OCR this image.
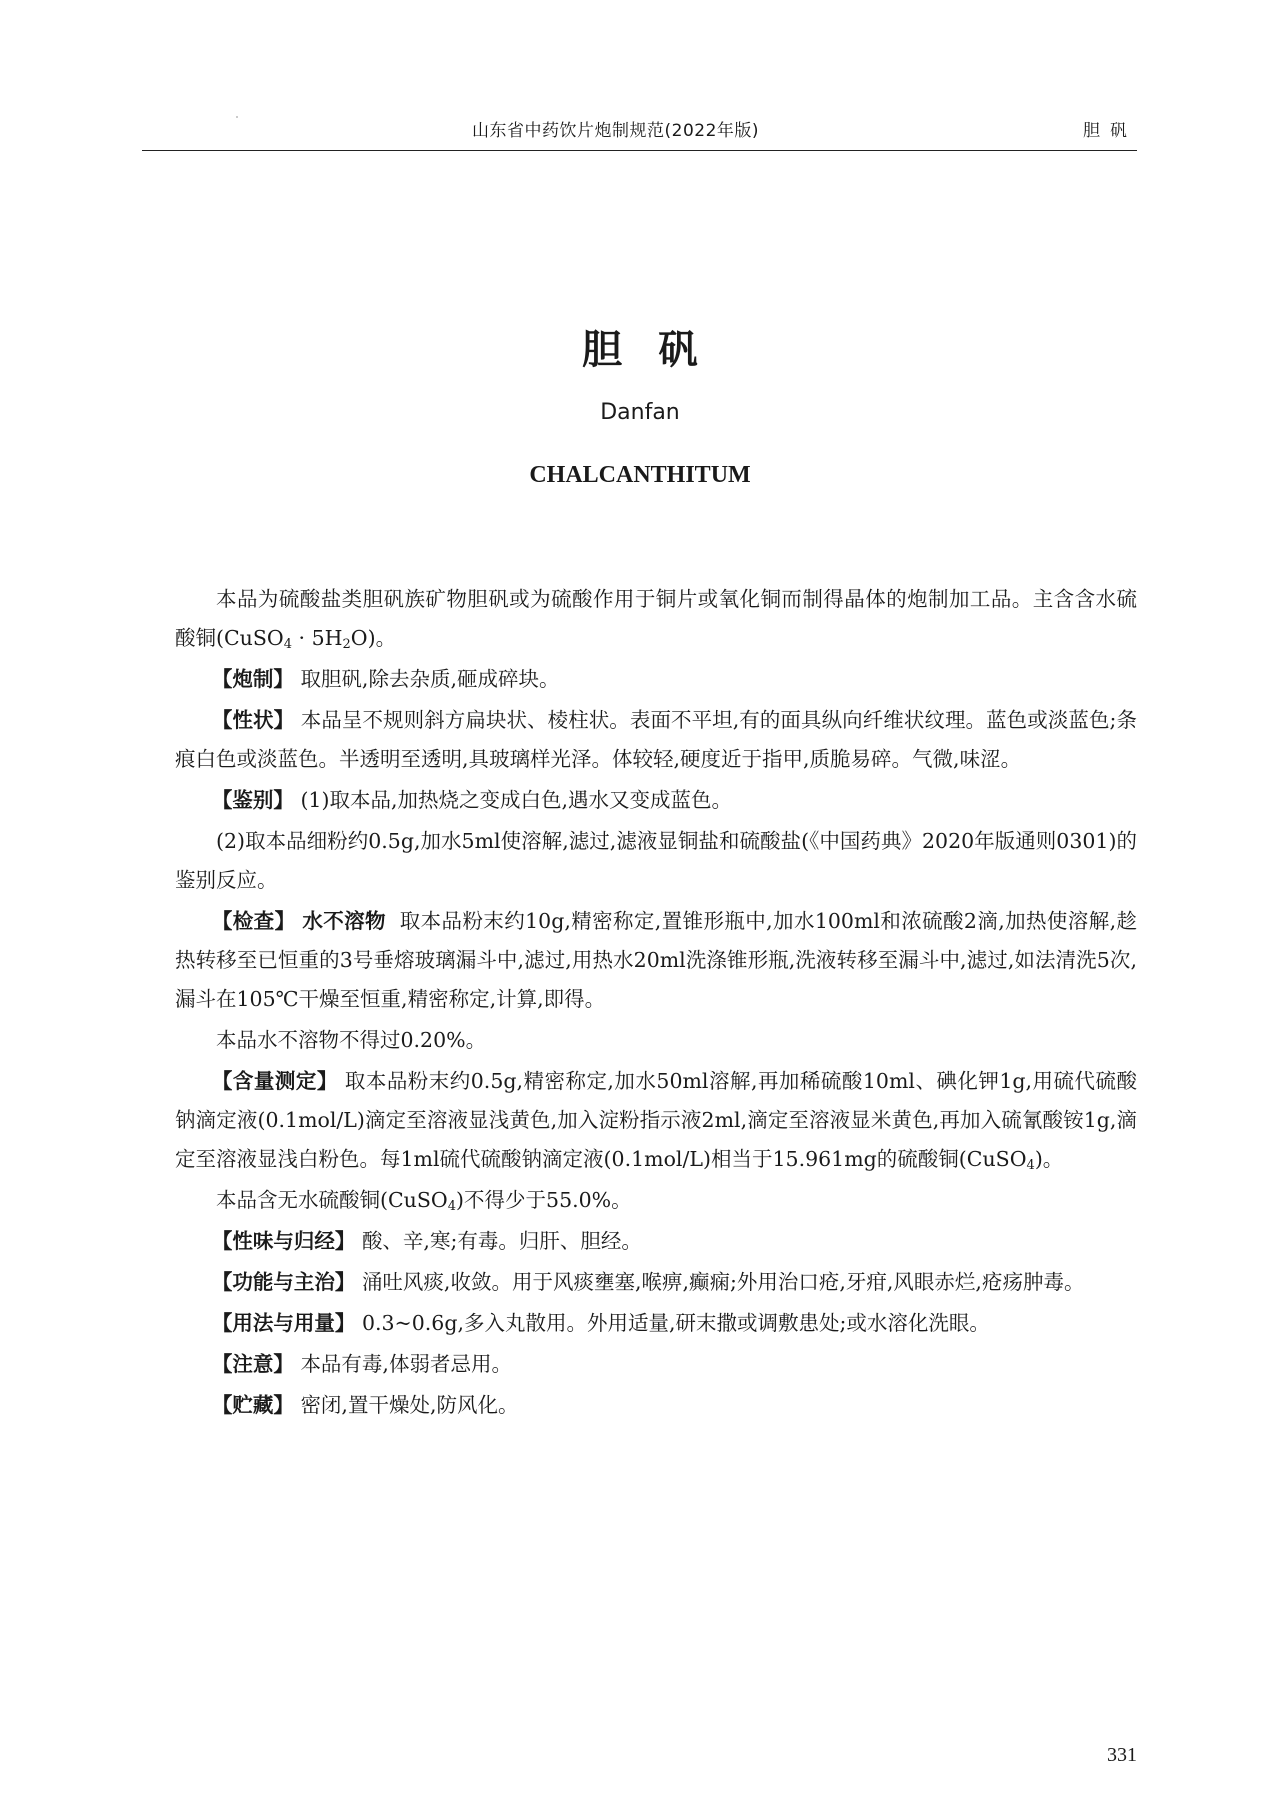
山东省中药饮片炮制规范(2022年版)	胆矾
胆矾
Danfan
CHALCANTHITUM

本品为硫酸盐类胆矾族矿物胆矾或为硫酸作用于铜片或氧化铜而制得晶体的炮制加工品。主含含水硫酸铜(CuSO$_4$ · $5H_2O$)。

【炮制】 取胆矾,除去杂质,砸成碎块。

【性状】 本品呈不规则斜方扁块状、棱柱状。表面不平坦,有的面具纵向纤维状纹理。蓝色或淡蓝色;条痕白色或淡蓝色。半透明至透明,具玻璃样光泽。体较轻,硬度近于指甲,质脆易碎。气微,味涩。

【鉴别】 (1)取本品,加热烧之变成白色,遇水又变成蓝色。

(2)取本品细粉约0.5g,加水5ml使溶解,滤过,滤液显铜盐和硫酸盐(《中国药典》2020年版通则0301)的鉴别反应。

【检查】 水不溶物 取本品粉末约10g,精密称定,置锥形瓶中,加水100ml和浓硫酸2滴,加热使溶解,趁热转移至已恒重的3号垂熔玻璃漏斗中,滤过,用热水20ml洗涤锥形瓶,洗液转移至漏斗中,滤过,如法清洗5次,漏斗在105℃干燥至恒重,精密称定,计算,即得。

本品水不溶物不得过0.20%。

【含量测定】 取本品粉末约0.5g,精密称定,加水50ml溶解,再加稀硫酸10ml、碘化钾1g,用硫代硫酸钠滴定液(0.1mol/L)滴定至溶液显浅黄色,加入淀粉指示液2ml,滴定至溶液显米黄色,再加入硫氰酸铵1g,滴定至溶液显浅白粉色。每1ml硫代硫酸钠滴定液(0.1mol/L)相当于15.961mg的硫酸铜(CuSO$_4$)。

本品含无水硫酸铜(CuSO$_4$)不得少于55.0%。

【性味与归经】 酸、辛,寒;有毒。归肝、胆经。

【功能与主治】 涌吐风痰,收敛。用于风痰壅塞,喉痹,癫痫;外用治口疮,牙疳,风眼赤烂,疮疡肿毒。

【用法与用量】 0.3~0.6g,多入丸散用。外用适量,研末撒或调敷患处;或水溶化洗眼。

【注意】 本品有毒,体弱者忌用。

【贮藏】 密闭,置干燥处,防风化。

331
